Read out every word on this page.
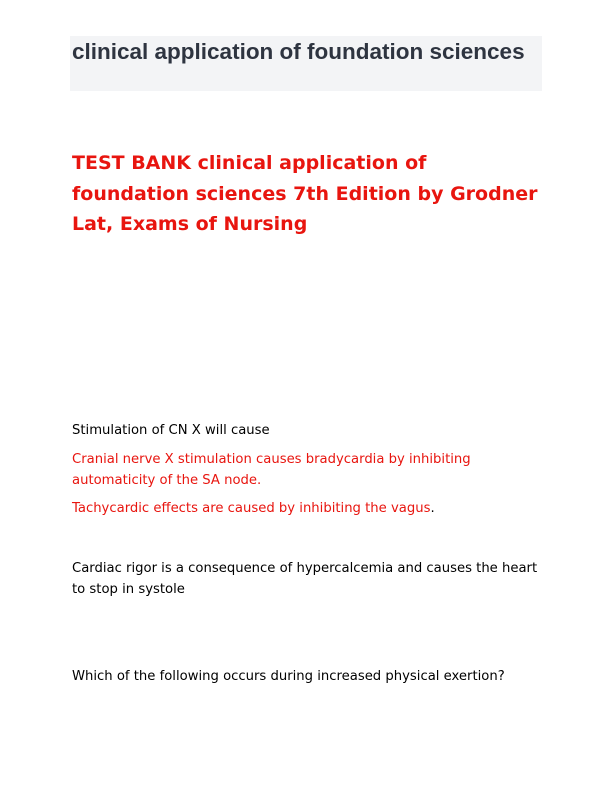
clinical application of foundation sciences
TEST BANK clinical application of foundation sciences 7th Edition by Grodner Lat, Exams of Nursing

Stimulation of CN X will cause

Cranial nerve X stimulation causes bradycardia by inhibiting automaticity of the SA node.

Tachycardic effects are caused by inhibiting the vagus.

Cardiac rigor is a consequence of hypercalcemia and causes the heart to stop in systole

Which of the following occurs during increased physical exertion?
